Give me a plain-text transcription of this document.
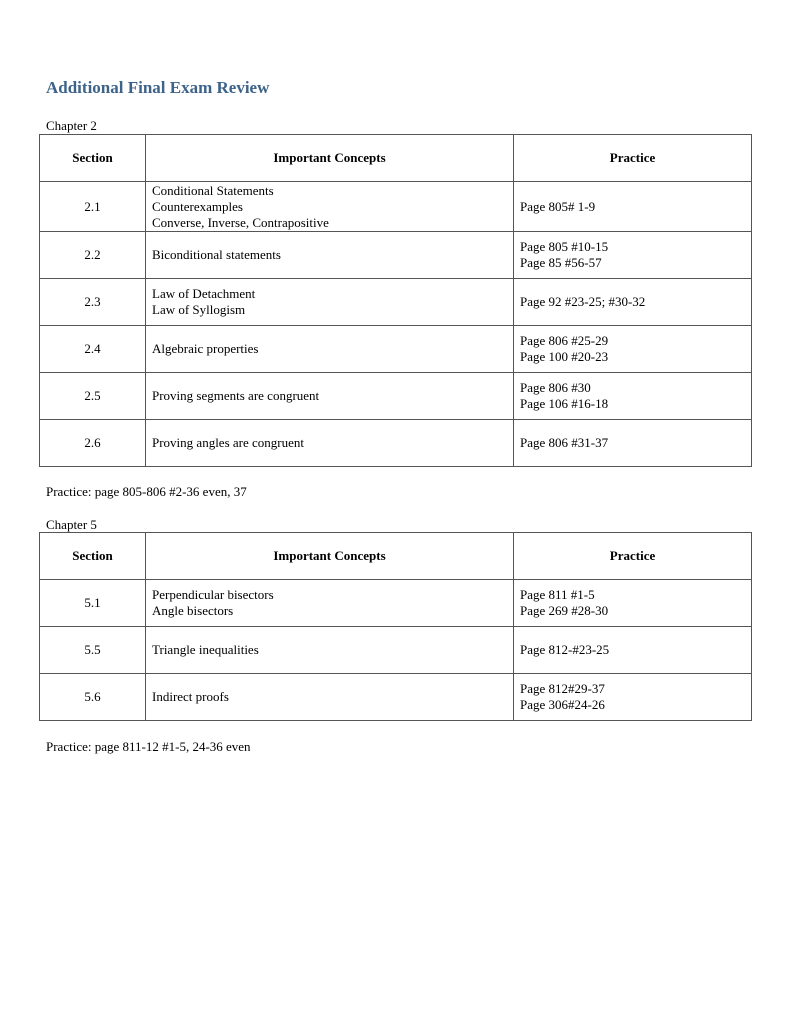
Additional Final Exam Review
Chapter 2
Section	Important Concepts	Practice
2.1	Conditional Statements
Counterexamples
Converse, Inverse, Contrapositive	Page 805# 1-9

2.2	Biconditional statements	Page 805 #10-15
Page 85 #56-57

2.3	Law of Detachment
Law of Syllogism	Page 92 #23-25; #30-32

2.4	Algebraic properties	Page 806 #25-29
Page 100 #20-23

2.5	Proving segments are congruent	Page 806 #30
Page 106 #16-18

2.6	Proving angles are congruent	Page 806 #31-37
Practice: page 805-806 #2-36 even, 37
Chapter 5
Section	Important Concepts	Practice
5.1	Perpendicular bisectors
Angle bisectors	Page 811 #1-5
Page 269 #28-30

5.5	Triangle inequalities	Page 812-#23-25

5.6	Indirect proofs	Page 812#29-37
Page 306#24-26
Practice: page 811-12 #1-5, 24-36 even
